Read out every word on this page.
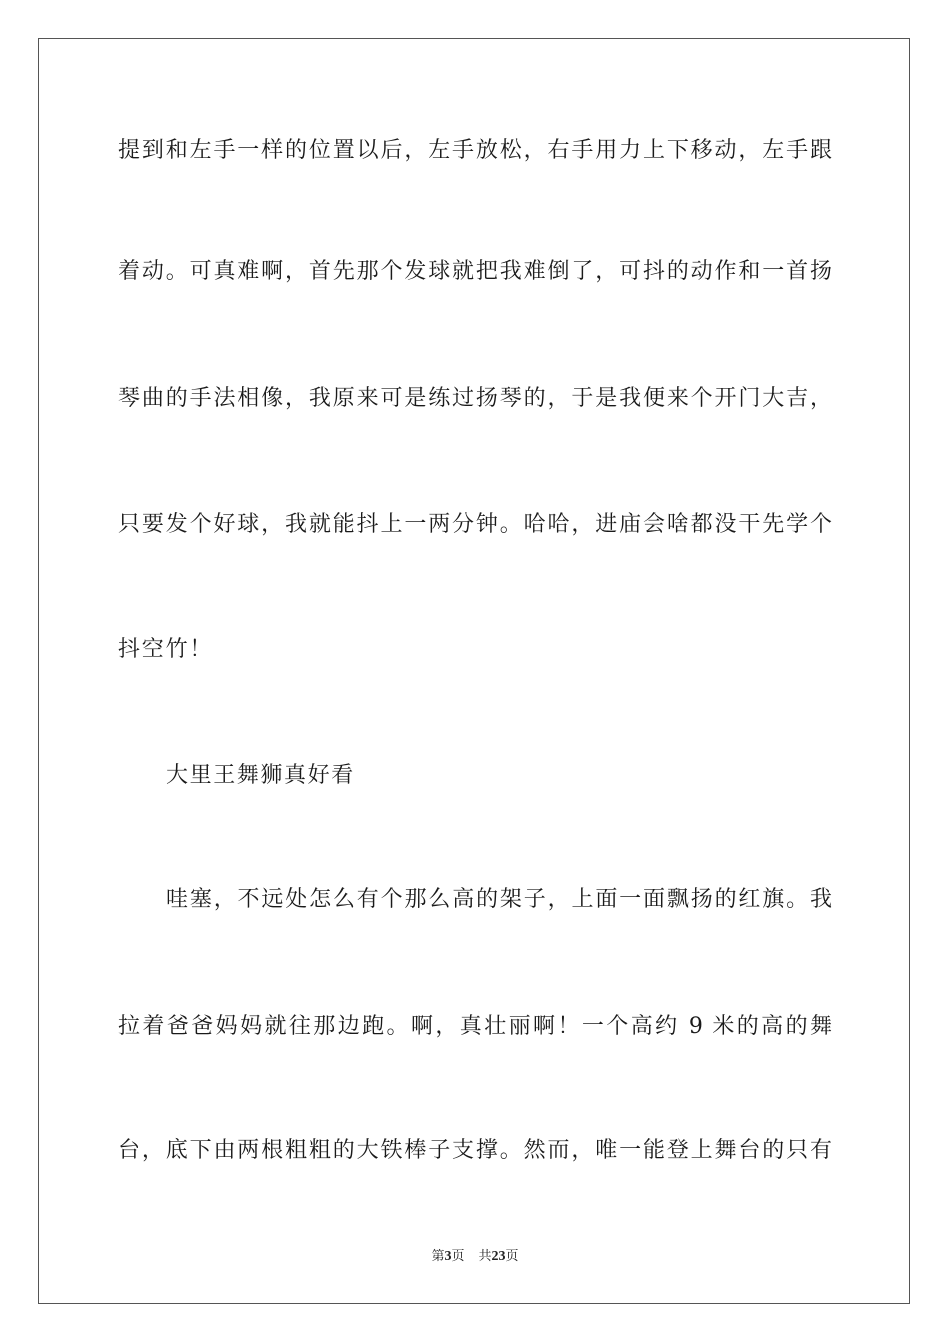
提到和左手一样的位置以后，左手放松，右手用力上下移动，左手跟
着动。可真难啊，首先那个发球就把我难倒了，可抖的动作和一首扬
琴曲的手法相像，我原来可是练过扬琴的，于是我便来个开门大吉，
只要发个好球，我就能抖上一两分钟。哈哈，进庙会啥都没干先学个
抖空竹！
大里王舞狮真好看
哇塞，不远处怎么有个那么高的架子，上面一面飘扬的红旗。我
拉着爸爸妈妈就往那边跑。啊，真壮丽啊！一个高约 9 米的高的舞
台，底下由两根粗粗的大铁棒子支撑。然而，唯一能登上舞台的只有
第3页 共23页
